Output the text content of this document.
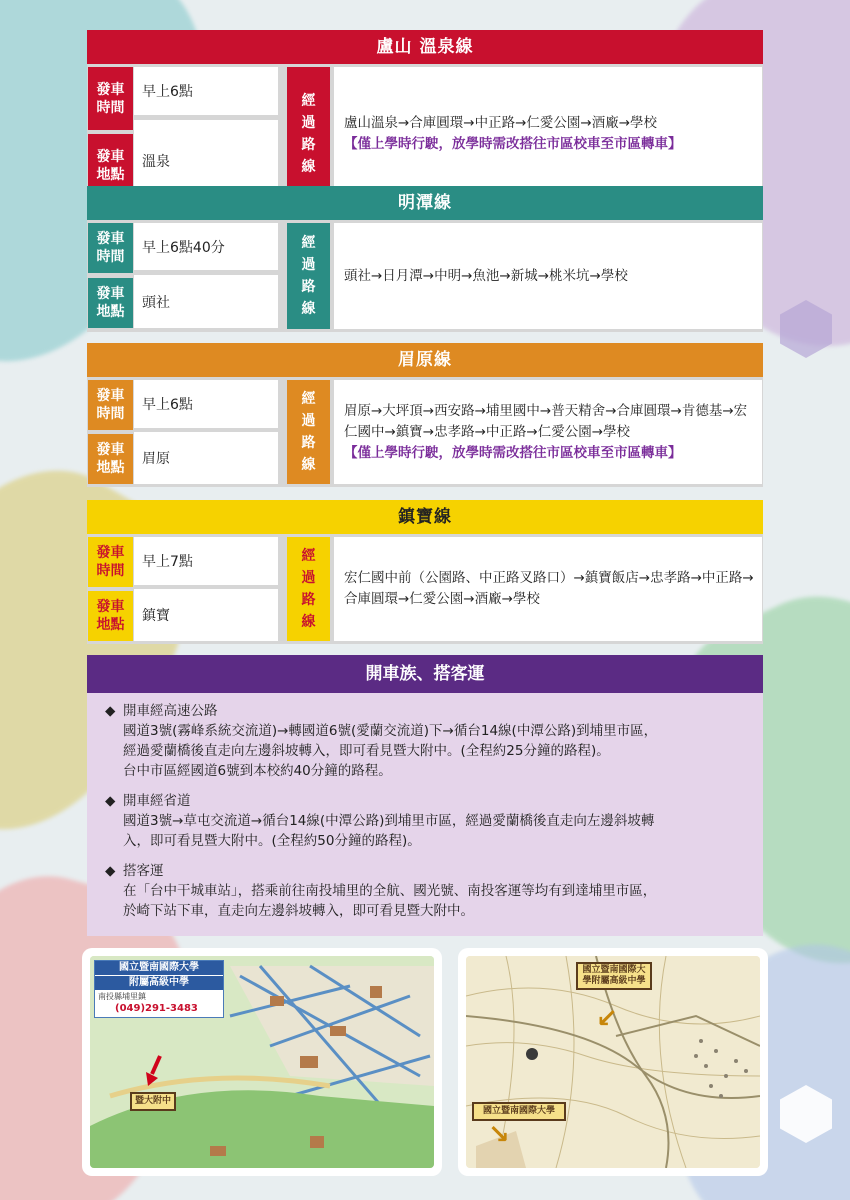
盧山 溫泉線
發車
時間
早上6點
發車
地點
溫泉
經
過
路
線
盧山溫泉→合庫圓環→中正路→仁愛公園→酒廠→學校
【僅上學時行駛，放學時需改搭往市區校車至市區轉車】
明潭線
發車
時間
早上6點40分
發車
地點
頭社
經
過
路
線
頭社→日月潭→中明→魚池→新城→桃米坑→學校
眉原線
發車
時間
早上6點
發車
地點
眉原
經
過
路
線
眉原→大坪頂→西安路→埔里國中→普天精舍→合庫圓環→肯德基→宏仁國中→鎮寶→忠孝路→中正路→仁愛公園→學校
【僅上學時行駛，放學時需改搭往市區校車至市區轉車】
鎮寶線
發車
時間
早上7點
發車
地點
鎮寶
經
過
路
線
宏仁國中前（公園路、中正路叉路口）→鎮寶飯店→忠孝路→中正路→合庫圓環→仁愛公園→酒廠→學校
開車族、搭客運
◆ 開車經高速公路
國道3號(霧峰系統交流道)→轉國道6號(愛蘭交流道)下→循台14線(中潭公路)到埔里市區，
經過愛蘭橋後直走向左邊斜坡轉入，即可看見暨大附中。(全程約25分鐘的路程)。
台中市區經國道6號到本校約40分鐘的路程。
◆ 開車經省道
國道3號→草屯交流道→循台14線(中潭公路)到埔里市區，經過愛蘭橋後直走向左邊斜坡轉
入，即可看見暨大附中。(全程約50分鐘的路程)。
◆ 搭客運
在「台中干城車站」，搭乘前往南投埔里的全航、國光號、南投客運等均有到達埔里市區，
於崎下站下車，直走向左邊斜坡轉入，即可看見暨大附中。
國立暨南國際大學
附屬高級中學
南投縣埔里鎮
(049)291-3483
暨大附中
國立暨南國際大學附屬高級中學
↙
國立暨南國際大學
↘
